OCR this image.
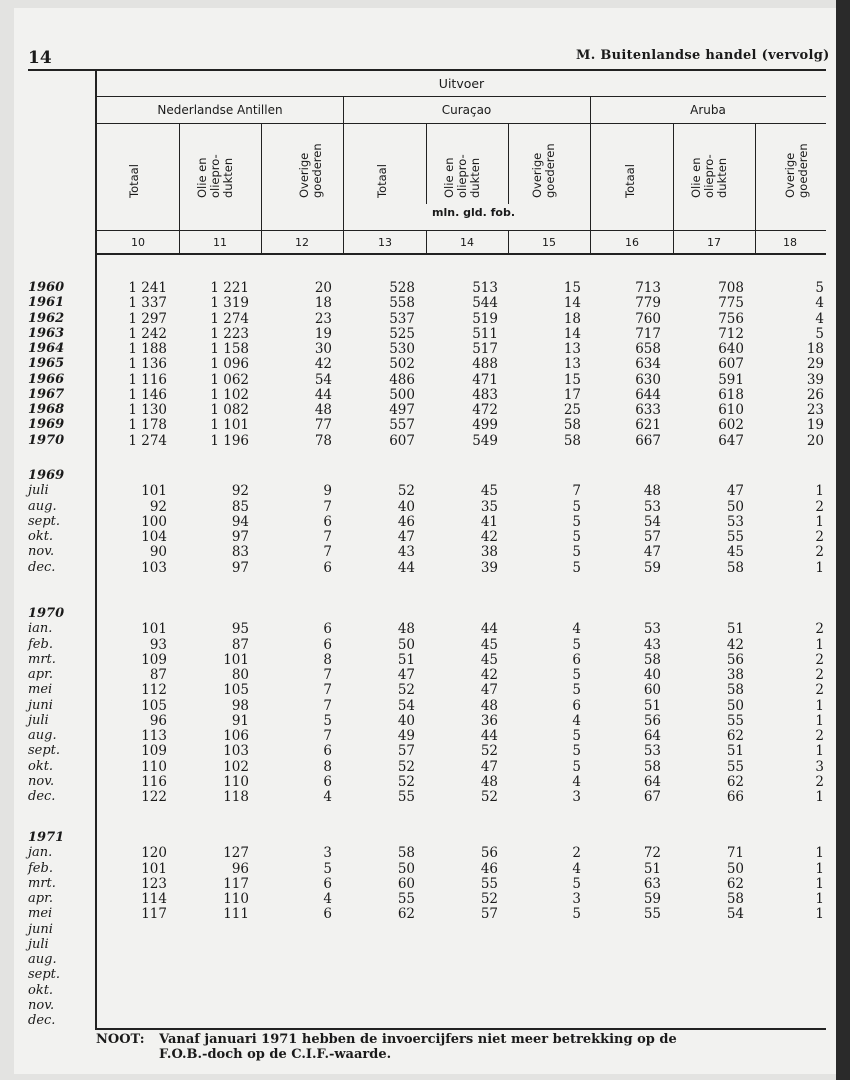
14	M. Buitenlandse handel (vervolg)
Uitvoer
Nederlandse Antillen	Curaçao	Aruba
Totaal	Olie en
oliepro-
dukten	Overige
goederen	Totaal	Olie en
oliepro-
dukten	Overige
goederen	Totaal	Olie en
oliepro-
dukten	Overige
goederen
mln. gld. fob.
10	11	12	13	14	15	16	17	18
1960	1 241	1 221	20	528	513	15	713	708	5
1961	1 337	1 319	18	558	544	14	779	775	4
1962	1 297	1 274	23	537	519	18	760	756	4
1963	1 242	1 223	19	525	511	14	717	712	5
1964	1 188	1 158	30	530	517	13	658	640	18
1965	1 136	1 096	42	502	488	13	634	607	29
1966	1 116	1 062	54	486	471	15	630	591	39
1967	1 146	1 102	44	500	483	17	644	618	26
1968	1 130	1 082	48	497	472	25	633	610	23
1969	1 178	1 101	77	557	499	58	621	602	19
1970	1 274	1 196	78	607	549	58	667	647	20
1969
juli	101	92	9	52	45	7	48	47	1
aug.	92	85	7	40	35	5	53	50	2
sept.	100	94	6	46	41	5	54	53	1
okt.	104	97	7	47	42	5	57	55	2
nov.	90	83	7	43	38	5	47	45	2
dec.	103	97	6	44	39	5	59	58	1
1970
ian.	101	95	6	48	44	4	53	51	2
feb.	93	87	6	50	45	5	43	42	1
mrt.	109	101	8	51	45	6	58	56	2
apr.	87	80	7	47	42	5	40	38	2
mei	112	105	7	52	47	5	60	58	2
juni	105	98	7	54	48	6	51	50	1
juli	96	91	5	40	36	4	56	55	1
aug.	113	106	7	49	44	5	64	62	2
sept.	109	103	6	57	52	5	53	51	1
okt.	110	102	8	52	47	5	58	55	3
nov.	116	110	6	52	48	4	64	62	2
dec.	122	118	4	55	52	3	67	66	1
1971
jan.	120	127	3	58	56	2	72	71	1
feb.	101	96	5	50	46	4	51	50	1
mrt.	123	117	6	60	55	5	63	62	1
apr.	114	110	4	55	52	3	59	58	1
mei	117	111	6	62	57	5	55	54	1
juni
juli
aug.
sept.
okt.
nov.
dec.
NOOT: Vanaf januari 1971 hebben de invoercijfers niet meer betrekking op de
F.O.B.-doch op de C.I.F.-waarde.
